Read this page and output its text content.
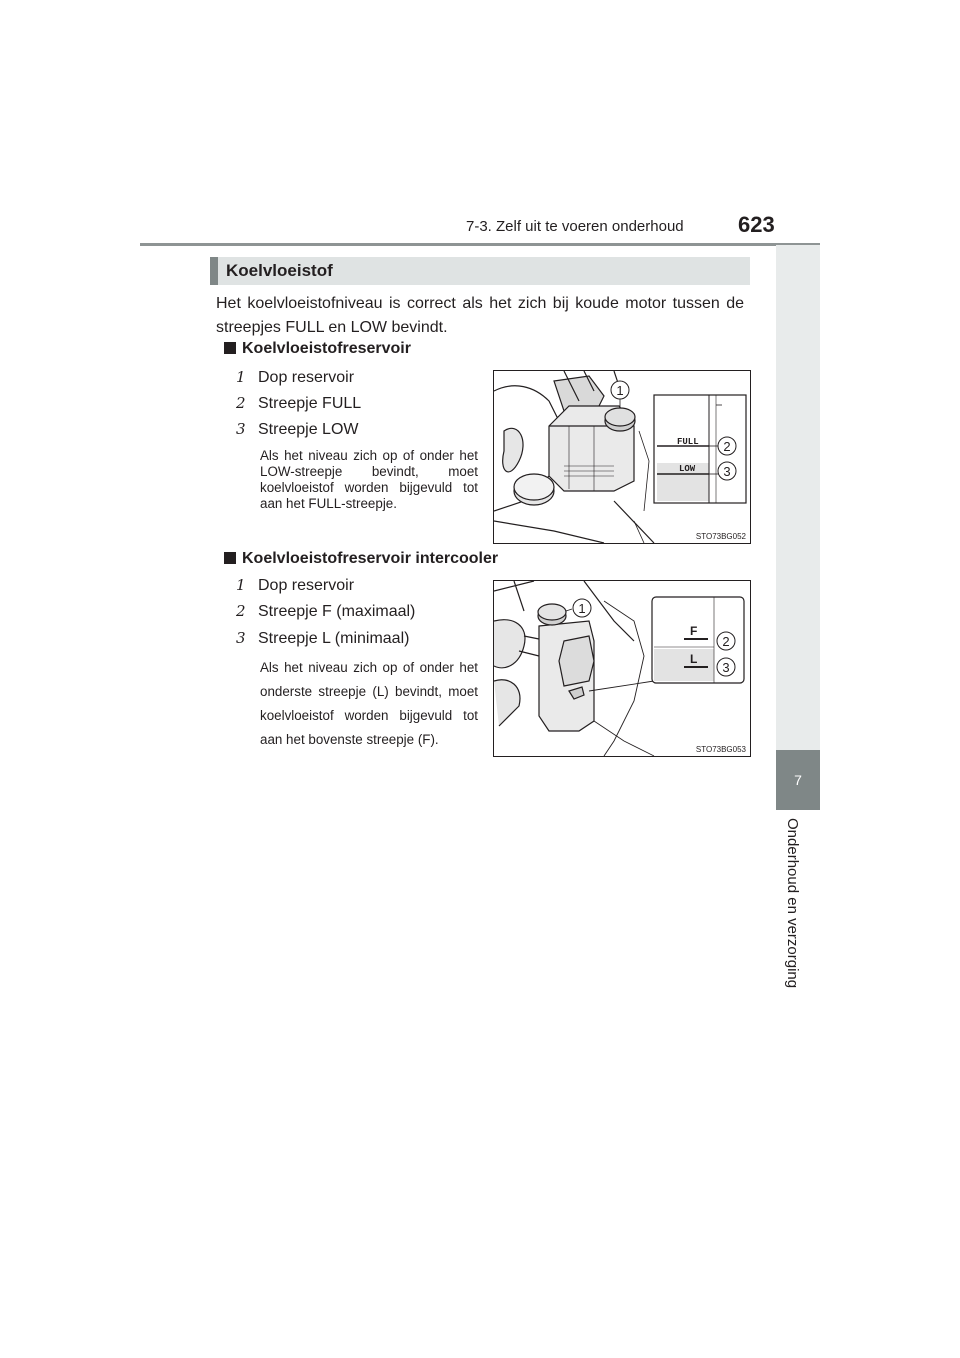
7-3. Zelf uit te voeren onderhoud 623
7
Onderhoud en verzorging
Koelvloeistof
Het koelvloeistofniveau is correct als het zich bij koude motor tussen de streepjes FULL en LOW bevindt.
Koelvloeistofreservoir
1 Dop reservoir
2 Streepje FULL
3 Streepje LOW
Als het niveau zich op of onder het LOW-streepje bevindt, moet koelvloeistof worden bijgevuld tot aan het FULL-streepje.
FULL
LOW
1
2
3
STO73BG052
Koelvloeistofreservoir intercooler
1 Dop reservoir
2 Streepje F (maximaal)
3 Streepje L (minimaal)
Als het niveau zich op of onder het onderste streepje (L) bevindt, moet koelvloeistof worden bijgevuld tot aan het bovenste streepje (F).
F
L
1
2
3
STO73BG053
